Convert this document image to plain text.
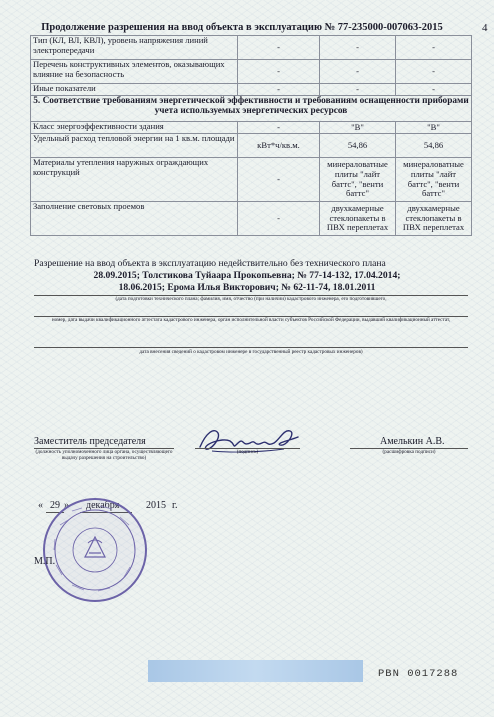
Продолжение разрешения на ввод объекта в эксплуатацию № 77-235000-007063-2015	4
Тип (КЛ, ВЛ, КВЛ), уровень напряжения линий электропередачи	-	-	-
Перечень конструктивных элементов, оказывающих влияние на безопасность	-	-	-
Иные показатели	-	-	-
5. Соответствие требованиям энергетической эффективности и требованиям оснащенности приборами учета используемых энергетических ресурсов			
Класс энергоэффективности здания	-	"В"	"В"
Удельный расход тепловой энергии на 1 кв.м. площади	кВт*ч/кв.м.	54,86	54,86
Материалы утепления наружных ограждающих конструкций	-	минераловатные плиты "лайт баттс", "венти баттс"	минераловатные плиты "лайт баттс", "венти баттс"
Заполнение световых проемов	-	двухкамерные стеклопакеты в ПВХ переплетах	двухкамерные стеклопакеты в ПВХ переплетах
Разрешение на ввод объекта в эксплуатацию недействительно без технического плана
28.09.2015; Толстикова Туйаара Прокопьевна; № 77-14-132, 17.04.2014;
18.06.2015; Ерома Илья Викторович; № 62-11-74, 18.01.2011
(дата подготовки технического плана; фамилия, имя, отчество (при наличии) кадастрового инженера, его подготовившего,
номер, дата выдачи квалификационного аттестата кадастрового инженера, орган исполнительной власти субъектов Российской Федерации, выдавший квалификационный аттестат,
дата внесения сведений о кадастровом инженере в государственный реестр кадастровых инженеров)
Заместитель председателя
(должность уполномоченного лица органа, осуществляющего выдачу разрешения на строительство)
(подпись)
Амелькин А.В.
(расшифровка подписи)
« 29 »	2015 г.
М.П.
РВN 0017288
